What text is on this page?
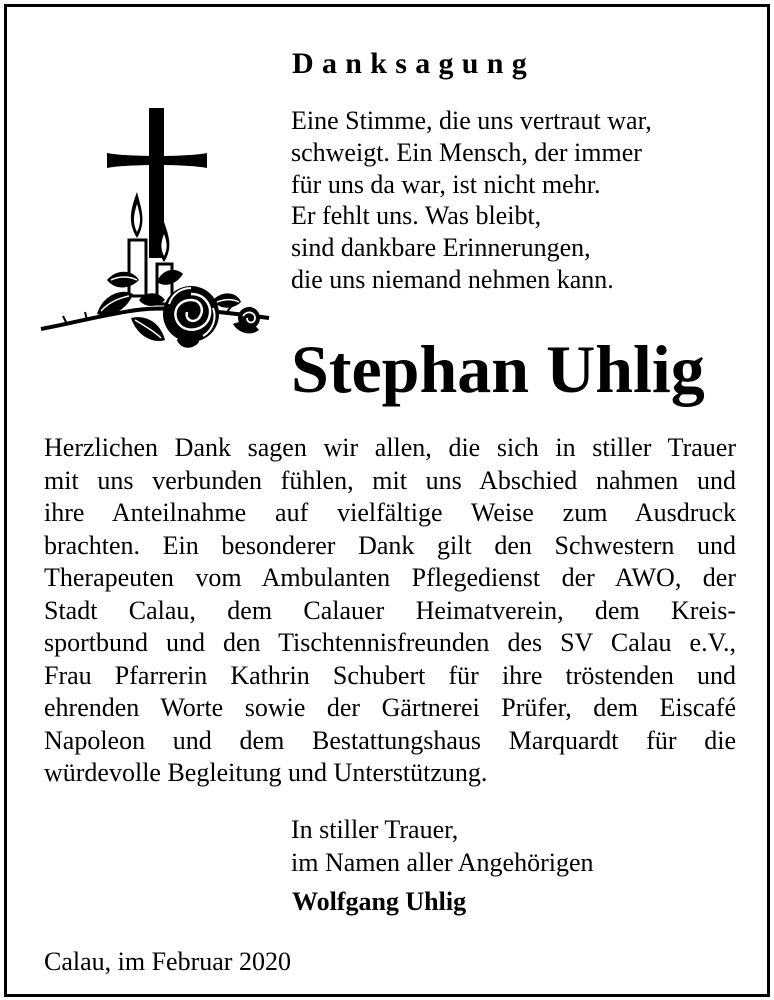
Danksagung
Eine Stimme, die uns vertraut war,
schweigt. Ein Mensch, der immer
für uns da war, ist nicht mehr.
Er fehlt uns. Was bleibt,
sind dankbare Erinnerungen,
die uns niemand nehmen kann.
Stephan Uhlig
Herzlichen Dank sagen wir allen, die sich in stiller Trauer
mit uns verbunden fühlen, mit uns Abschied nahmen und
ihre Anteilnahme auf vielfältige Weise zum Ausdruck
brachten. Ein besonderer Dank gilt den Schwestern und
Therapeuten vom Ambulanten Pflegedienst der AWO, der
Stadt Calau, dem Calauer Heimatverein, dem Kreis-
sportbund und den Tischtennisfreunden des SV Calau e.V.,
Frau Pfarrerin Kathrin Schubert für ihre tröstenden und
ehrenden Worte sowie der Gärtnerei Prüfer, dem Eiscafé
Napoleon und dem Bestattungshaus Marquardt für die
würdevolle Begleitung und Unterstützung.
In stiller Trauer,
im Namen aller Angehörigen
Wolfgang Uhlig
Calau, im Februar 2020
